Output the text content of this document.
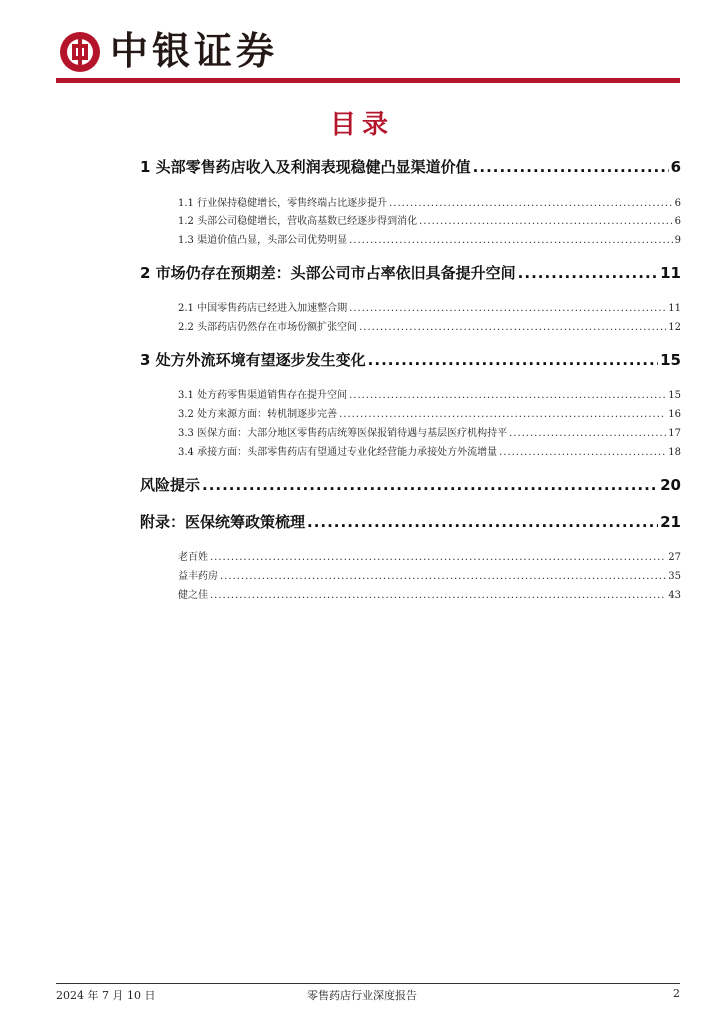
中银证券
目录
1 头部零售药店收入及利润表现稳健凸显渠道价值 .....	6
1.1 行业保持稳健增长，零售终端占比逐步提升 .....	6
1.2 头部公司稳健增长，营收高基数已经逐步得到消化 .....	6
1.3 渠道价值凸显，头部公司优势明显 .....	9
2 市场仍存在预期差：头部公司市占率依旧具备提升空间 .....	11
2.1 中国零售药店已经进入加速整合期 .....	11
2.2 头部药店仍然存在市场份额扩张空间 .....	12
3 处方外流环境有望逐步发生变化 .....	15
3.1 处方药零售渠道销售存在提升空间 .....	15
3.2 处方来源方面：转机制逐步完善 .....	16
3.3 医保方面：大部分地区零售药店统筹医保报销待遇与基层医疗机构持平 .....	17
3.4 承接方面：头部零售药店有望通过专业化经营能力承接处方外流增量 .....	18
风险提示 .....	20
附录：医保统筹政策梳理 .....	21
老百姓 .....	27
益丰药房 .....	35
健之佳 .....	43
2024 年 7 月 10 日	零售药店行业深度报告	2
